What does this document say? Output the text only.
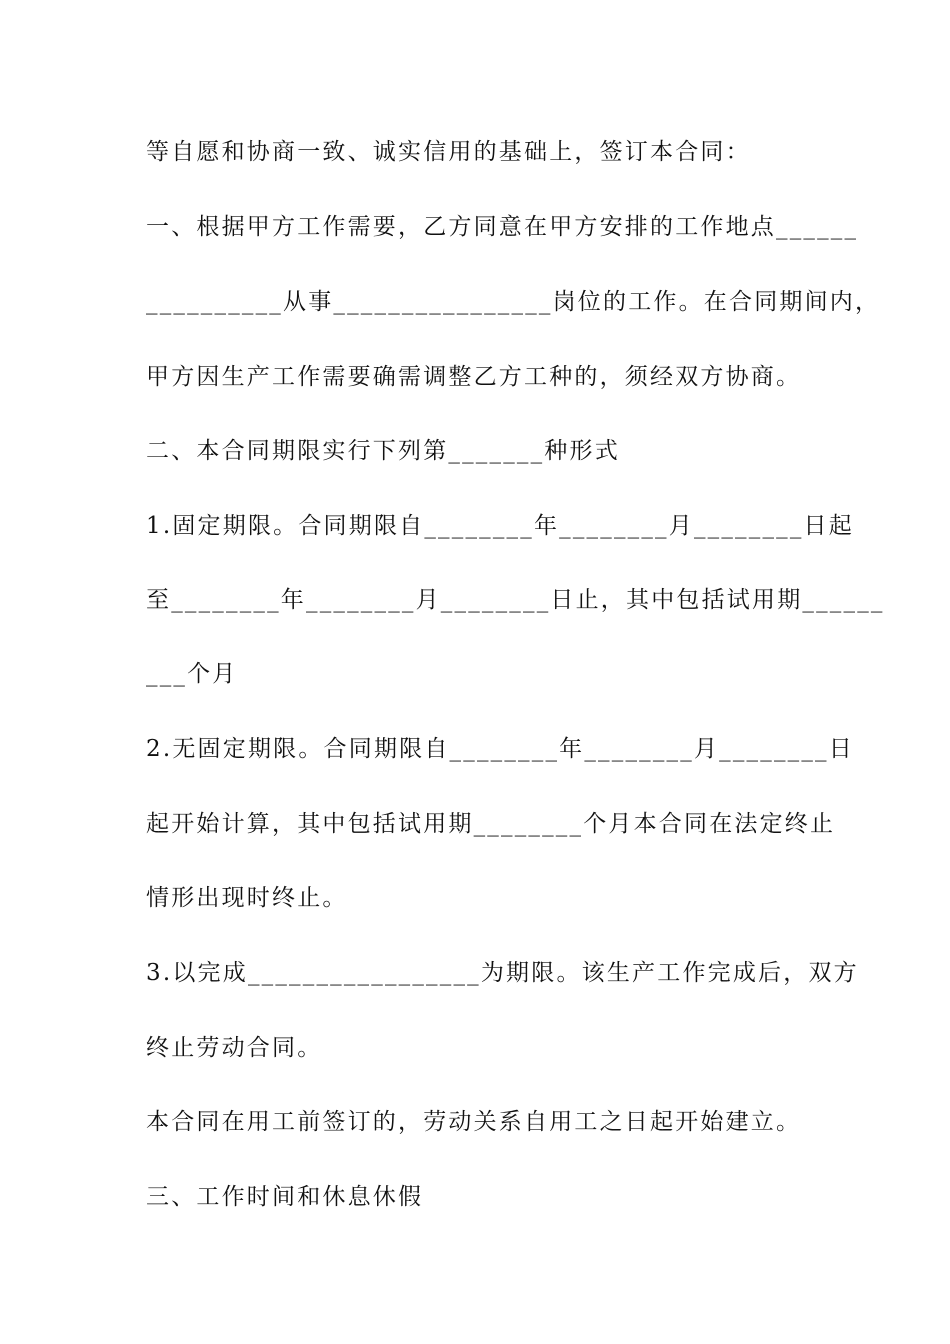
等自愿和协商一致、诚实信用的基础上，签订本合同：
一、根据甲方工作需要，乙方同意在甲方安排的工作地点______
__________从事________________岗位的工作。在合同期间内，
甲方因生产工作需要确需调整乙方工种的，须经双方协商。
二、本合同期限实行下列第_______种形式
1.固定期限。合同期限自________年________月________日起
至________年________月________日止，其中包括试用期______
___个月
2.无固定期限。合同期限自________年________月________日
起开始计算，其中包括试用期________个月本合同在法定终止
情形出现时终止。
3.以完成_________________为期限。该生产工作完成后，双方
终止劳动合同。
本合同在用工前签订的，劳动关系自用工之日起开始建立。
三、工作时间和休息休假
